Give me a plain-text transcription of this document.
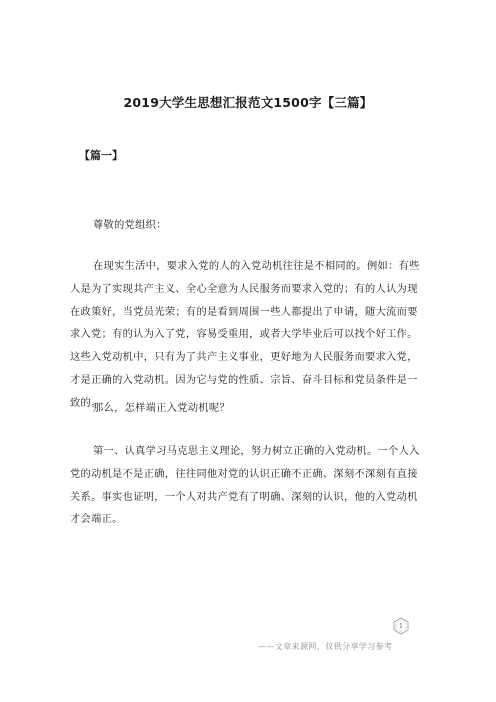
2019大学生思想汇报范文1500字【三篇】
【篇一】

尊敬的党组织：

在现实生活中，要求入党的人的入党动机往往是不相同的。例如：有些人是为了实现共产主义、全心全意为人民服务而要求入党的；有的人认为现在政策好，当党员光荣；有的是看到周围一些人都提出了申请，随大流而要求入党；有的认为入了党，容易受重用，或者大学毕业后可以找个好工作。这些入党动机中，只有为了共产主义事业，更好地为人民服务而要求入党，才是正确的入党动机。因为它与党的性质、宗旨、奋斗目标和党员条件是一致的。

那么，怎样端正入党动机呢？

第一、认真学习马克思主义理论，努力树立正确的入党动机。一个人入党的动机是不是正确，往往同他对党的认识正确不正确、深刻不深刻有直接关系。事实也证明，一个人对共产党有了明确、深刻的认识，他的入党动机才会端正。

1
——文章来源网，仅供分享学习参考
